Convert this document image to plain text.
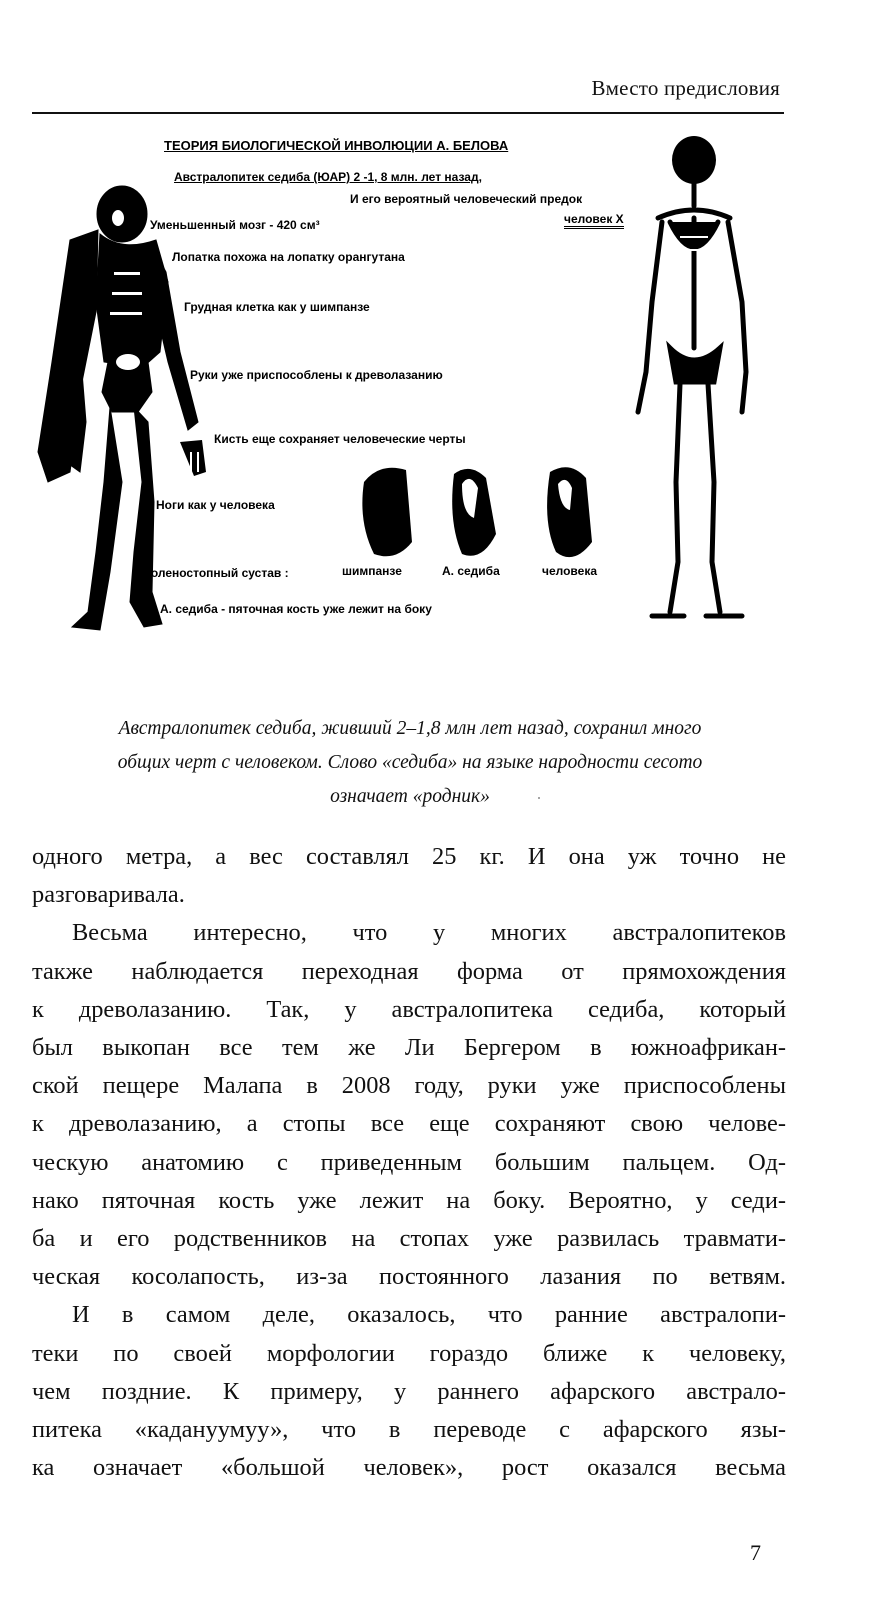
Вместо предисловия
ТЕОРИЯ БИОЛОГИЧЕСКОЙ ИНВОЛЮЦИИ А. БЕЛОВА
Австралопитек седиба (ЮАР) 2 -1, 8 млн. лет назад,
И его вероятный человеческий предок
человек Х
Уменьшенный мозг - 420 см³
Лопатка похожа на лопатку орангутана
Грудная клетка как у шимпанзе
Руки уже приспособлены к древолазанию
Кисть еще сохраняет человеческие черты
Ноги как у человека
голеностопный сустав :	шимпанзе	А. седиба	человека
А. седиба - пяточная кость уже лежит на боку
Австралопитек седиба, живший 2–1,8 млн лет назад, сохранил много
общих черт с человеком. Слово «седиба» на языке народности сесото
означает «родник»
одного метра, а вес составлял 25 кг. И она уж точно не
разговаривала.
Весьма интересно, что у многих австралопитеков
также наблюдается переходная форма от прямохождения
к древолазанию. Так, у австралопитека седиба, который
был выкопан все тем же Ли Бергером в южноафрикан-
ской пещере Малапа в 2008 году, руки уже приспособлены
к древолазанию, а стопы все еще сохраняют свою челове-
ческую анатомию с приведенным большим пальцем. Од-
нако пяточная кость уже лежит на боку. Вероятно, у седи-
ба и его родственников на стопах уже развилась травмати-
ческая косолапость, из-за постоянного лазания по ветвям.
И в самом деле, оказалось, что ранние австралопи-
теки по своей морфологии гораздо ближе к человеку,
чем поздние. К примеру, у раннего афарского австрало-
питека «кадануумуу», что в переводе с афарского язы-
ка означает «большой человек», рост оказался весьма
7
